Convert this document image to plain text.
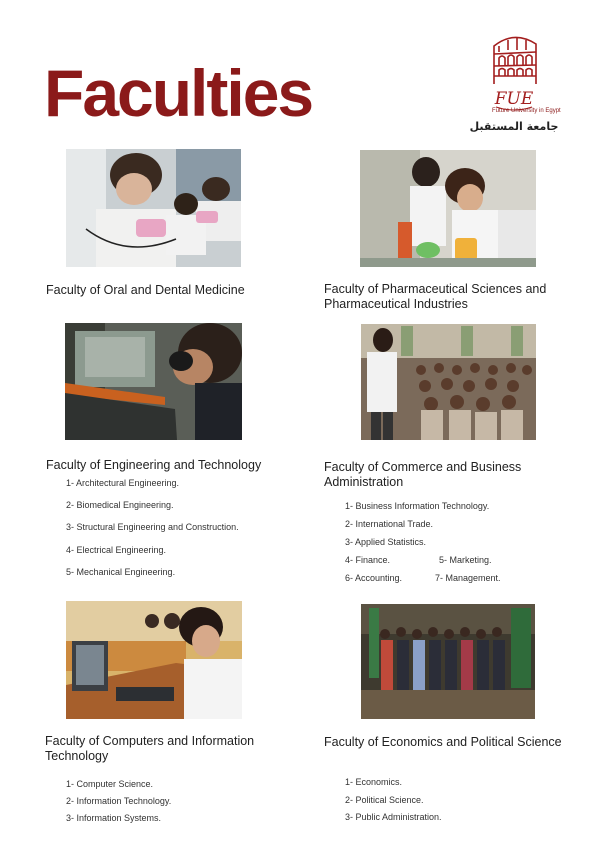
Faculties	FUE
Future University in Egypt
جامعة المستقبل
Faculty of Oral and Dental Medicine	Faculty of Pharmaceutical Sciences and Pharmaceutical Industries
Faculty of Engineering and Technology
1- Architectural Engineering.
2- Biomedical Engineering.
3- Structural Engineering and Construction.
4- Electrical Engineering.
5- Mechanical Engineering.
Faculty of Commerce and Business Administration
1- Business Information Technology.
2- International Trade.
3- Applied Statistics.
4- Finance.	5- Marketing.
6- Accounting.	7- Management.
Faculty of Computers and Information Technology
1- Computer Science.
2- Information Technology.
3- Information Systems.
Faculty of Economics and Political Science
1- Economics.
2- Political Science.
3- Public Administration.
